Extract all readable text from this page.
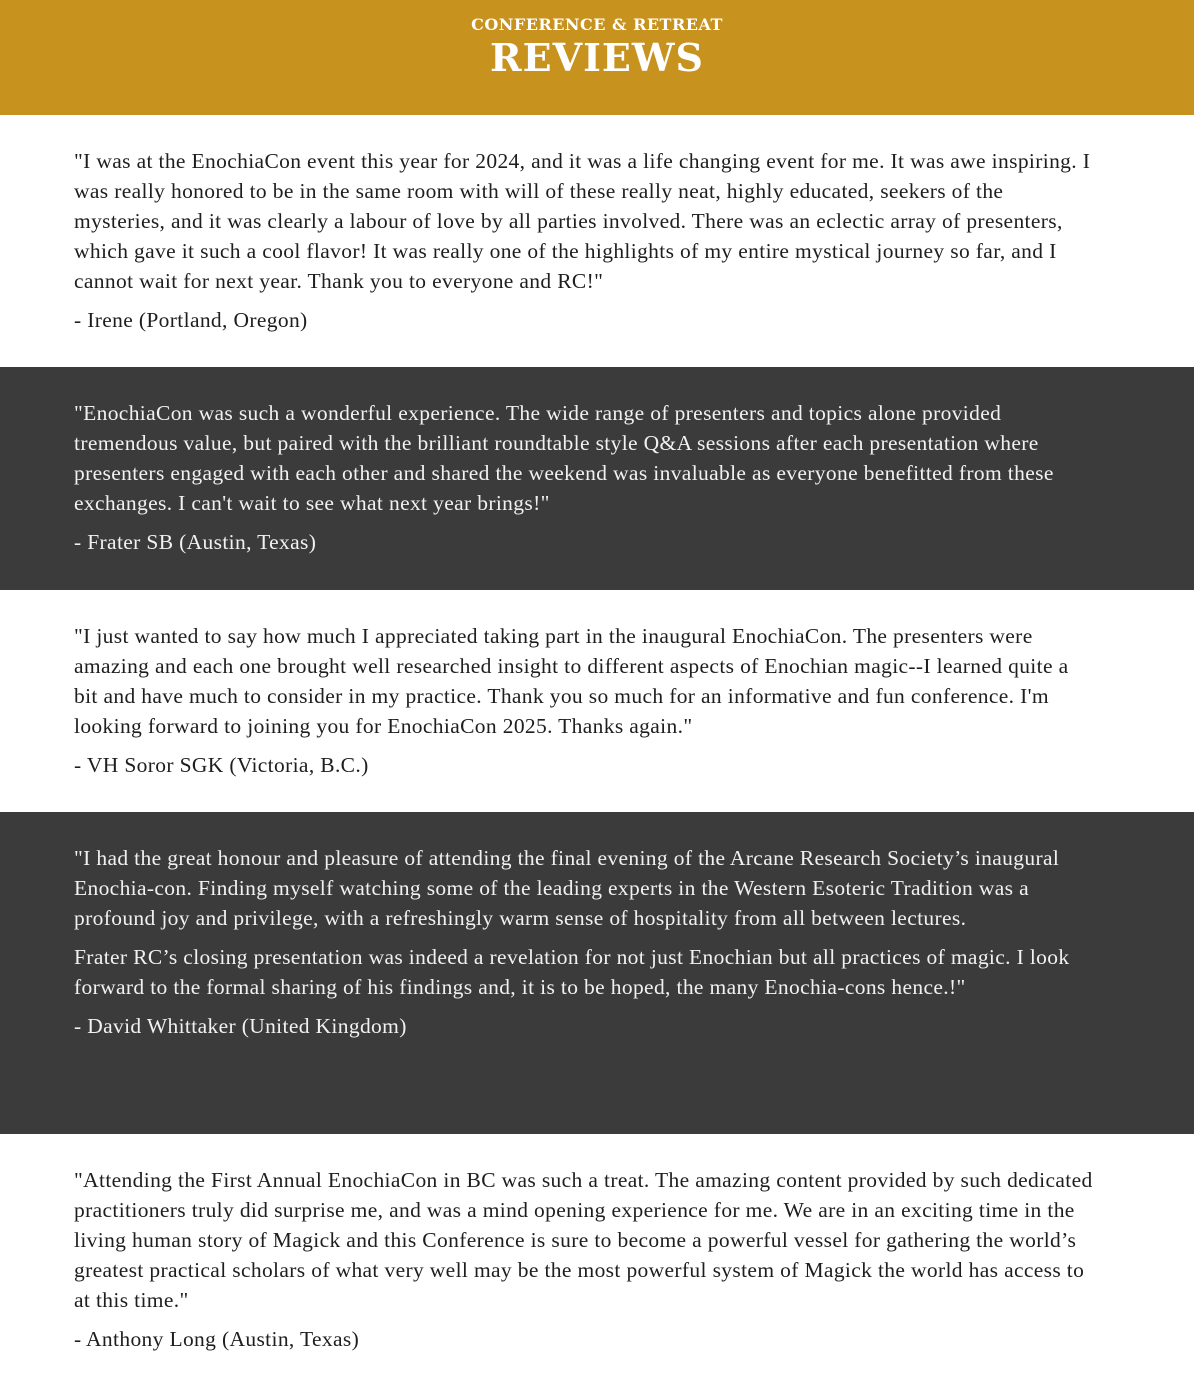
CONFERENCE & RETREAT
REVIEWS

"I was at the EnochiaCon event this year for 2024, and it was a life changing event for me. It was awe inspiring. I was really honored to be in the same room with will of these really neat, highly educated, seekers of the mysteries, and it was clearly a labour of love by all parties involved. There was an eclectic array of presenters, which gave it such a cool flavor! It was really one of the highlights of my entire mystical journey so far, and I cannot wait for next year. Thank you to everyone and RC!"

- Irene (Portland, Oregon)

"EnochiaCon was such a wonderful experience. The wide range of presenters and topics alone provided tremendous value, but paired with the brilliant roundtable style Q&A sessions after each presentation where presenters engaged with each other and shared the weekend was invaluable as everyone benefitted from these exchanges. I can't wait to see what next year brings!"

- Frater SB (Austin, Texas)

"I just wanted to say how much I appreciated taking part in the inaugural EnochiaCon. The presenters were amazing and each one brought well researched insight to different aspects of Enochian magic--I learned quite a bit and have much to consider in my practice. Thank you so much for an informative and fun conference. I'm looking forward to joining you for EnochiaCon 2025. Thanks again."

- VH Soror SGK (Victoria, B.C.)

"I had the great honour and pleasure of attending the final evening of the Arcane Research Society’s inaugural Enochia-con. Finding myself watching some of the leading experts in the Western Esoteric Tradition was a profound joy and privilege, with a refreshingly warm sense of hospitality from all between lectures.

Frater RC’s closing presentation was indeed a revelation for not just Enochian but all practices of magic. I look forward to the formal sharing of his findings and, it is to be hoped, the many Enochia-cons hence.!"

- David Whittaker (United Kingdom)

"Attending the First Annual EnochiaCon in BC was such a treat. The amazing content provided by such dedicated practitioners truly did surprise me, and was a mind opening experience for me. We are in an exciting time in the living human story of Magick and this Conference is sure to become a powerful vessel for gathering the world’s greatest practical scholars of what very well may be the most powerful system of Magick the world has access to at this time."

- Anthony Long (Austin, Texas)
